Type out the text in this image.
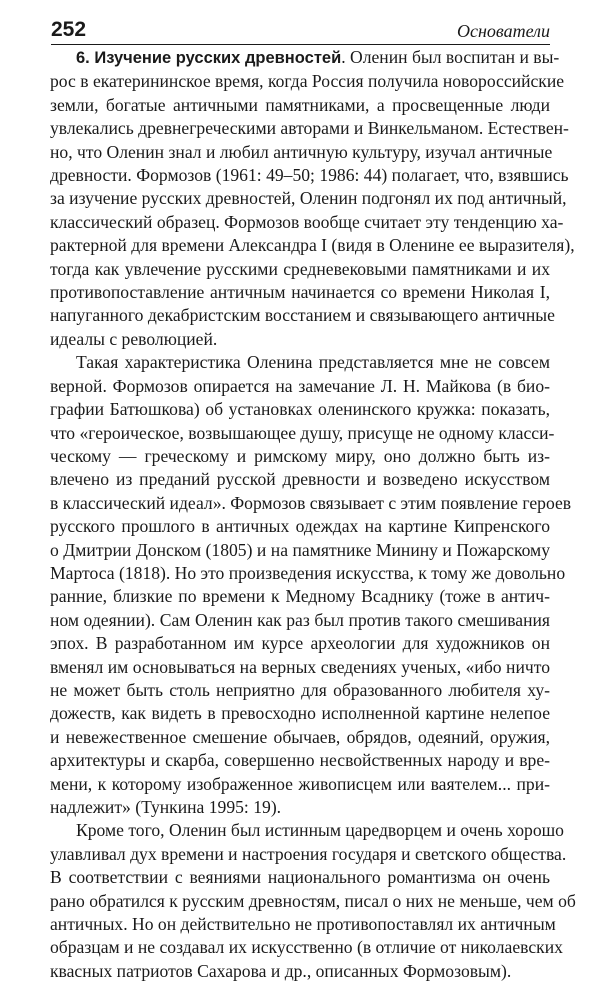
252	Основатели
6. Изучение русских древностей. Оленин был воспитан и вы-
рос в екатерининское время, когда Россия получила новороссийские
земли, богатые античными памятниками, а просвещенные люди
увлекались древнегреческими авторами и Винкельманом. Естествен-
но, что Оленин знал и любил античную культуру, изучал античные
древности. Формозов (1961: 49–50; 1986: 44) полагает, что, взявшись
за изучение русских древностей, Оленин подгонял их под античный,
классический образец. Формозов вообще считает эту тенденцию ха-
рактерной для времени Александра I (видя в Оленине ее выразителя),
тогда как увлечение русскими средневековыми памятниками и их
противопоставление античным начинается со времени Николая I,
напуганного декабристским восстанием и связывающего античные
идеалы с революцией.
Такая характеристика Оленина представляется мне не совсем
верной. Формозов опирается на замечание Л. Н. Майкова (в био-
графии Батюшкова) об установках оленинского кружка: показать,
что «героическое, возвышающее душу, присуще не одному класси-
ческому — греческому и римскому миру, оно должно быть из-
влечено из преданий русской древности и возведено искусством
в классический идеал». Формозов связывает с этим появление героев
русского прошлого в античных одеждах на картине Кипренского
о Дмитрии Донском (1805) и на памятнике Минину и Пожарскому
Мартоса (1818). Но это произведения искусства, к тому же довольно
ранние, близкие по времени к Медному Всаднику (тоже в антич-
ном одеянии). Сам Оленин как раз был против такого смешивания
эпох. В разработанном им курсе археологии для художников он
вменял им основываться на верных сведениях ученых, «ибо ничто
не может быть столь неприятно для образованного любителя ху-
дожеств, как видеть в превосходно исполненной картине нелепое
и невежественное смешение обычаев, обрядов, одеяний, оружия,
архитектуры и скарба, совершенно несвойственных народу и вре-
мени, к которому изображенное живописцем или ваятелем... при-
надлежит» (Тункина 1995: 19).
Кроме того, Оленин был истинным царедворцем и очень хорошо
улавливал дух времени и настроения государя и светского общества.
В соответствии с веяниями национального романтизма он очень
рано обратился к русским древностям, писал о них не меньше, чем об
античных. Но он действительно не противопоставлял их античным
образцам и не создавал их искусственно (в отличие от николаевских
квасных патриотов Сахарова и др., описанных Формозовым).
